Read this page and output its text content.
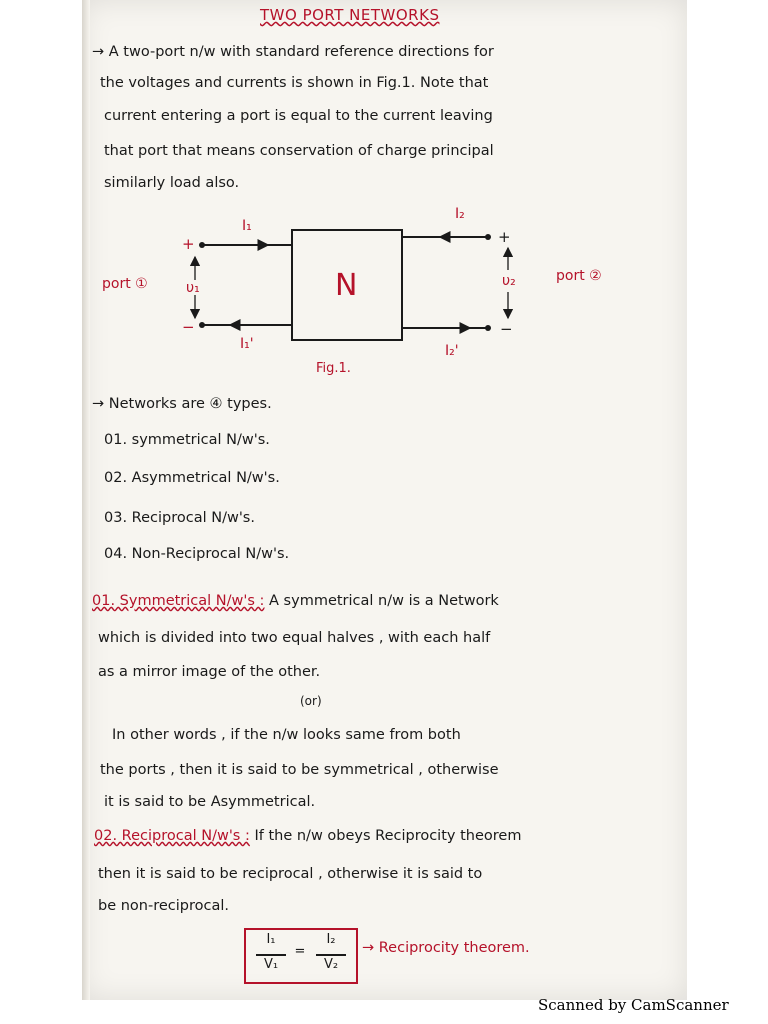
TWO PORT NETWORKS
→ A two-port n/w with standard reference directions for
the voltages and currents is shown in Fig.1. Note that
current entering a port is equal to the current leaving
that port that means conservation of charge principal
similarly load also.
N
I₁
I₁'
I₂
I₂'
υ₁	υ₂
+
−
+
−
port ①	port ②
Fig.1.
→ Networks are ④ types.
01. symmetrical N/w's.
02. Asymmetrical N/w's.
03. Reciprocal N/w's.
04. Non-Reciprocal N/w's.
01. Symmetrical N/w's : A symmetrical n/w is a Network
which is divided into two equal halves , with each half
as a mirror image of the other.
(or)
In other words , if the n/w looks same from both
the ports , then it is said to be symmetrical , otherwise
it is said to be Asymmetrical.
02. Reciprocal N/w's : If the n/w obeys Reciprocity theorem
then it is said to be reciprocal , otherwise it is said to
be non-reciprocal.
I₁
V₁
=
I₂
V₂
→ Reciprocity theorem.
Scanned by CamScanner
